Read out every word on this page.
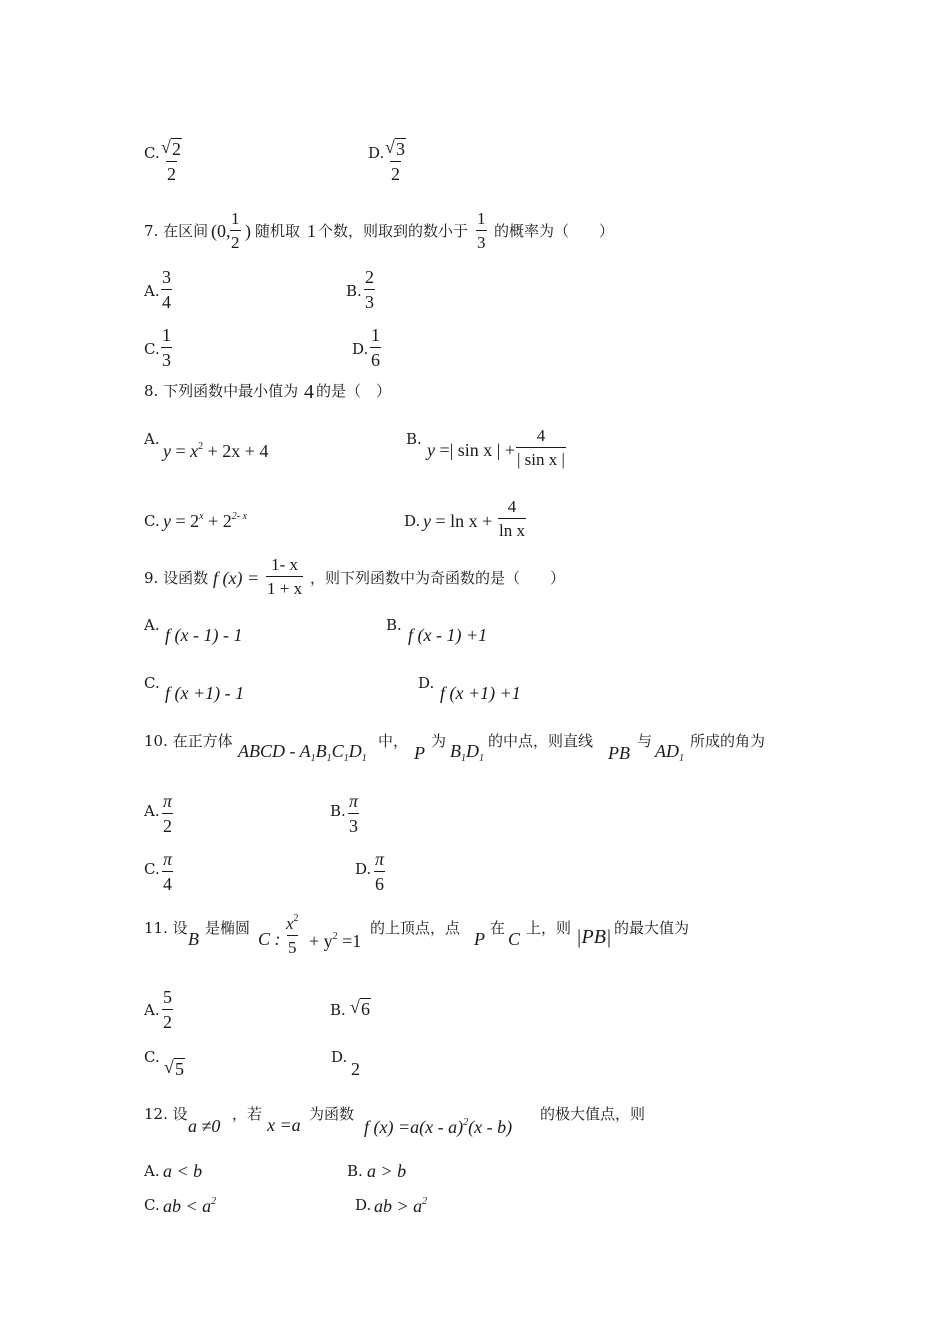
C. $\frac{√ 2}{2}$	D. $\frac{√ 3}{2}$
7. 在区间 (0, $\frac{1}{2}$ ) 随机取 1 个数，则取到的数小于 $\frac{1}{3}$ 的概率为（　　）
A. $\frac{3}{4}$	B. $\frac{2}{3}$
C. $\frac{1}{3}$	D. $\frac{1}{6}$
8. 下列函数中最小值为 4 的是（　）
A.
$y = x^2 + 2x + 4$
B.
y =| sin x | + $\frac{4}{\text{| sin x |}}$
C. $y = 2^x + 2^{2- x}$	D. $y = \ln x + \frac{4}{\text{ln x}}$
9. 设函数 f $(x) = \frac{1- x}{1 + x}$ ，则下列函数中为奇函数的是（　　）
A. f (x - 1) - 1	B. f (x - 1) +1
C. f (x +1) - 1	D. f (x +1) +1
10. 在正方体 ABCD - $A_1B_1C_1D_1$
中，
P
为 $B_1D_1$
的中点，则直线
PB
与 $AD_1$
所成的角为
A. $\frac{\pi}{2}$	B. $\frac{\pi}{3}$
C. $\frac{\pi}{4}$	D. $\frac{\pi}{6}$
11. 设
B
是椭圆
C : $\frac{x^2}{5} + y^2 =1$
的上顶点，点
P
在
C
上，则 |PB| 的最大值为
A. $\frac{5}{2}$	B. √ 6
C. √ 5
D.
2
12. 设
a ≠0
，若
x =a
为函数
f (x) =a(x - a)$^2$(x - b)
的极大值点，则
A. a < b	B. a > b
C. ab < $a^2$	D. ab > $a^2$
